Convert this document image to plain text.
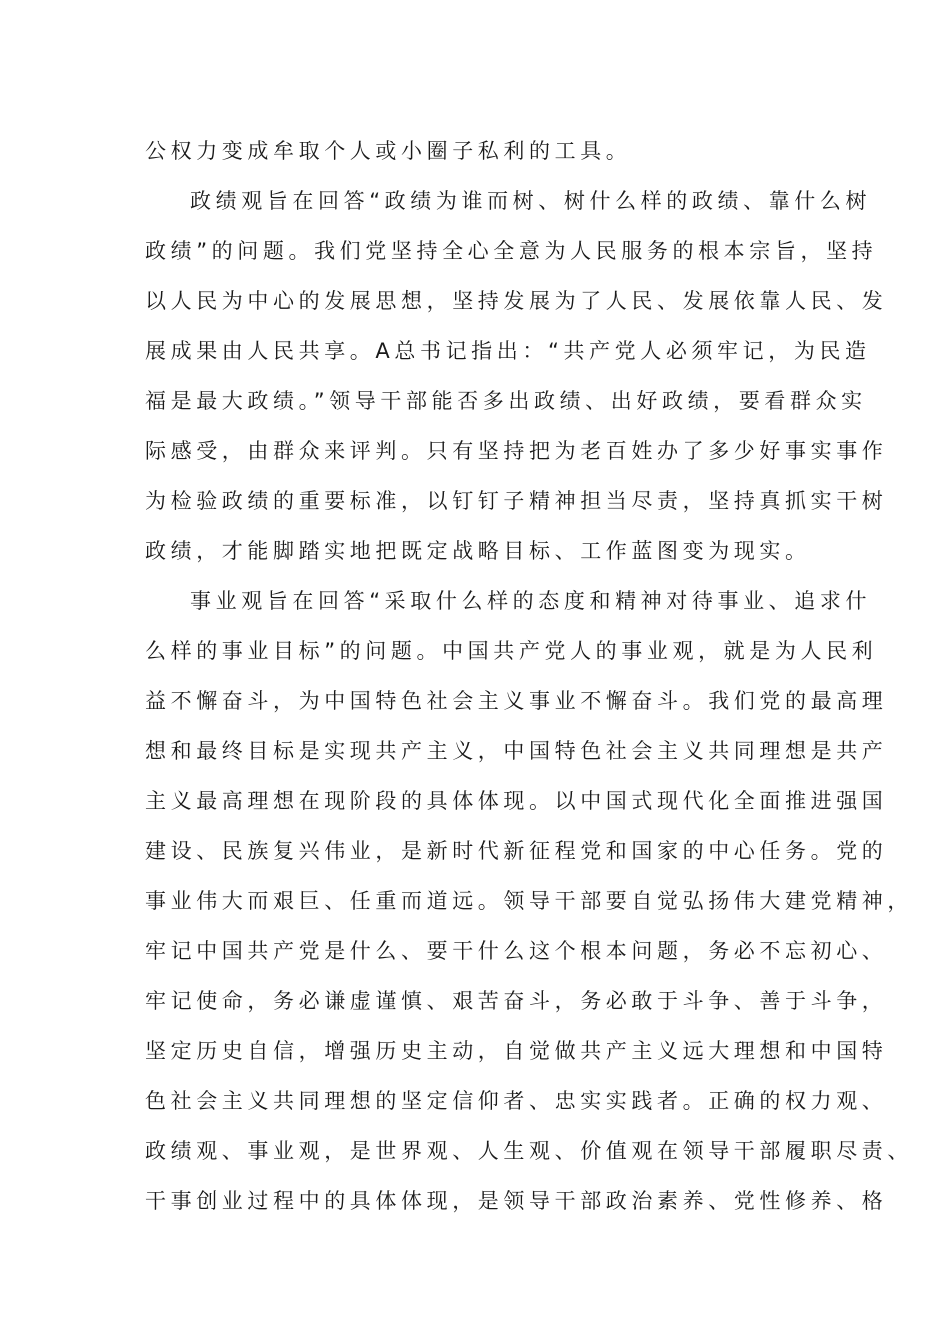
公权力变成牟取个人或小圈子私利的工具。
政绩观旨在回答“政绩为谁而树、树什么样的政绩、靠什么树
政绩”的问题。我们党坚持全心全意为人民服务的根本宗旨，坚持
以人民为中心的发展思想，坚持发展为了人民、发展依靠人民、发
展成果由人民共享。A总书记指出：“共产党人必须牢记，为民造
福是最大政绩。”领导干部能否多出政绩、出好政绩，要看群众实
际感受，由群众来评判。只有坚持把为老百姓办了多少好事实事作
为检验政绩的重要标准，以钉钉子精神担当尽责，坚持真抓实干树
政绩，才能脚踏实地把既定战略目标、工作蓝图变为现实。
事业观旨在回答“采取什么样的态度和精神对待事业、追求什
么样的事业目标”的问题。中国共产党人的事业观，就是为人民利
益不懈奋斗，为中国特色社会主义事业不懈奋斗。我们党的最高理
想和最终目标是实现共产主义，中国特色社会主义共同理想是共产
主义最高理想在现阶段的具体体现。以中国式现代化全面推进强国
建设、民族复兴伟业，是新时代新征程党和国家的中心任务。党的
事业伟大而艰巨、任重而道远。领导干部要自觉弘扬伟大建党精神，
牢记中国共产党是什么、要干什么这个根本问题，务必不忘初心、
牢记使命，务必谦虚谨慎、艰苦奋斗，务必敢于斗争、善于斗争，
坚定历史自信，增强历史主动，自觉做共产主义远大理想和中国特
色社会主义共同理想的坚定信仰者、忠实实践者。正确的权力观、
政绩观、事业观，是世界观、人生观、价值观在领导干部履职尽责、
干事创业过程中的具体体现，是领导干部政治素养、党性修养、格
